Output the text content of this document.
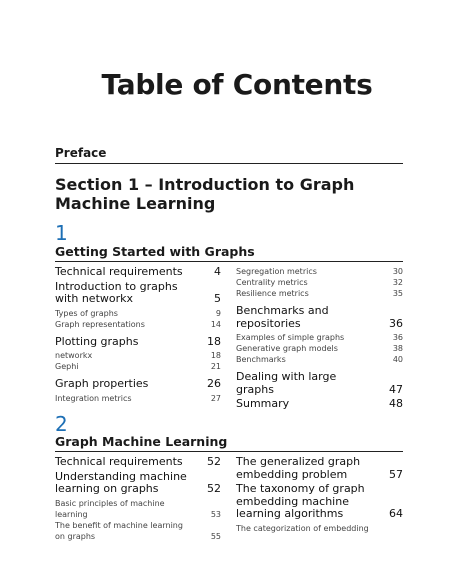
Table of Contents
Preface
Section 1 – Introduction to Graph Machine Learning
1
Getting Started with Graphs
Technical requirements	4
Introduction to graphs with networkx	5
Types of graphs	9
Graph representations	14
Plotting graphs	18
networkx	18
Gephi	21
Graph properties	26
Integration metrics	27
Segregation metrics	30
Centrality metrics	32
Resilience metrics	35
Benchmarks and repositories	36
Examples of simple graphs	36
Generative graph models	38
Benchmarks	40
Dealing with large graphs	47
Summary	48
2
Graph Machine Learning
Technical requirements	52
Understanding machine learning on graphs	52
Basic principles of machine learning	53
The benefit of machine learning on graphs	55
The generalized graph embedding problem	57
The taxonomy of graph embedding machine learning algorithms	64
The categorization of embedding
